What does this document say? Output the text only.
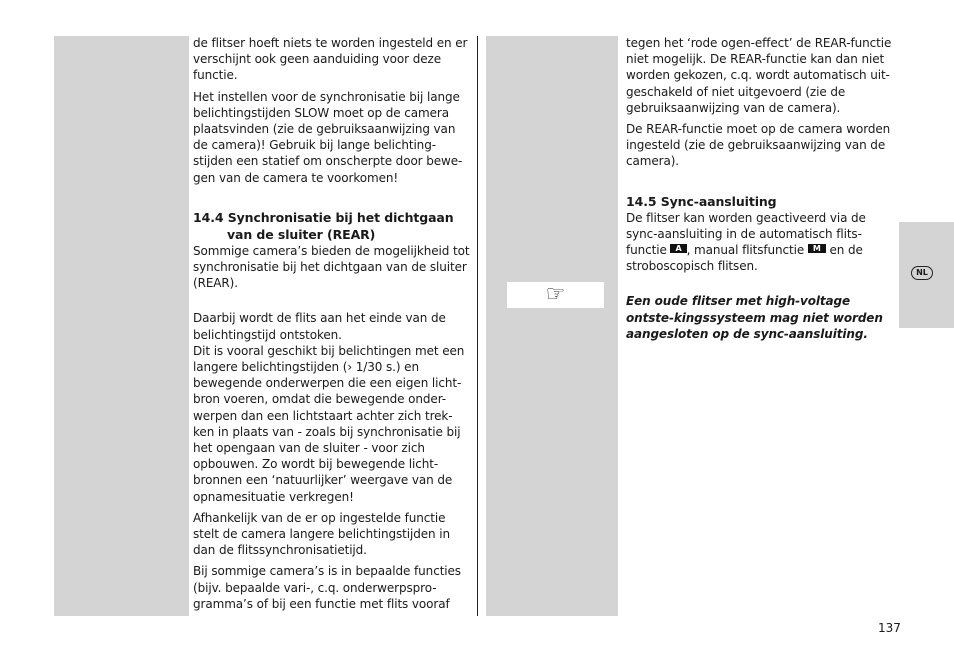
☞

de flitser hoeft niets te worden ingesteld en er verschijnt ook geen aanduiding voor deze functie.

Het instellen voor de synchronisatie bij lange belichtingstijden SLOW moet op de camera plaatsvinden (zie de gebruiksaanwijzing van de camera)! Gebruik bij lange belichting-stijden een statief om onscherpte door bewe-gen van de camera te voorkomen!

14.4 Synchronisatie bij het dichtgaan
van de sluiter (REAR)

Sommige camera’s bieden de mogelijkheid tot synchronisatie bij het dichtgaan van de sluiter (REAR).

Daarbij wordt de flits aan het einde van de belichtingstijd ontstoken.

Dit is vooral geschikt bij belichtingen met een langere belichtingstijden (› 1/30 s.) en bewegende onderwerpen die een eigen licht-bron voeren, omdat die bewegende onder-werpen dan een lichtstaart achter zich trek-ken in plaats van - zoals bij synchronisatie bij het opengaan van de sluiter - voor zich opbouwen. Zo wordt bij bewegende licht-bronnen een ‘natuurlijker’ weergave van de opnamesituatie verkregen!

Afhankelijk van de er op ingestelde functie stelt de camera langere belichtingstijden in dan de flitssynchronisatietijd.

Bij sommige camera’s is in bepaalde functies (bijv. bepaalde vari-, c.q. onderwerpspro-gramma’s of bij een functie met flits vooraf

tegen het ‘rode ogen-effect’ de REAR-functie niet mogelijk. De REAR-functie kan dan niet worden gekozen, c.q. wordt automatisch uit-geschakeld of niet uitgevoerd (zie de gebruiksaanwijzing van de camera).

De REAR-functie moet op de camera worden ingesteld (zie de gebruiksaanwijzing van de camera).

14.5 Sync-aansluiting

De flitser kan worden geactiveerd via de sync-aansluiting in de automatisch flits-functie A , manual flitsfunctie M en de stroboscopisch flitsen.

Een oude flitser met high-voltage ontste-kingssysteem mag niet worden aangesloten op de sync-aansluiting.

NL
137
